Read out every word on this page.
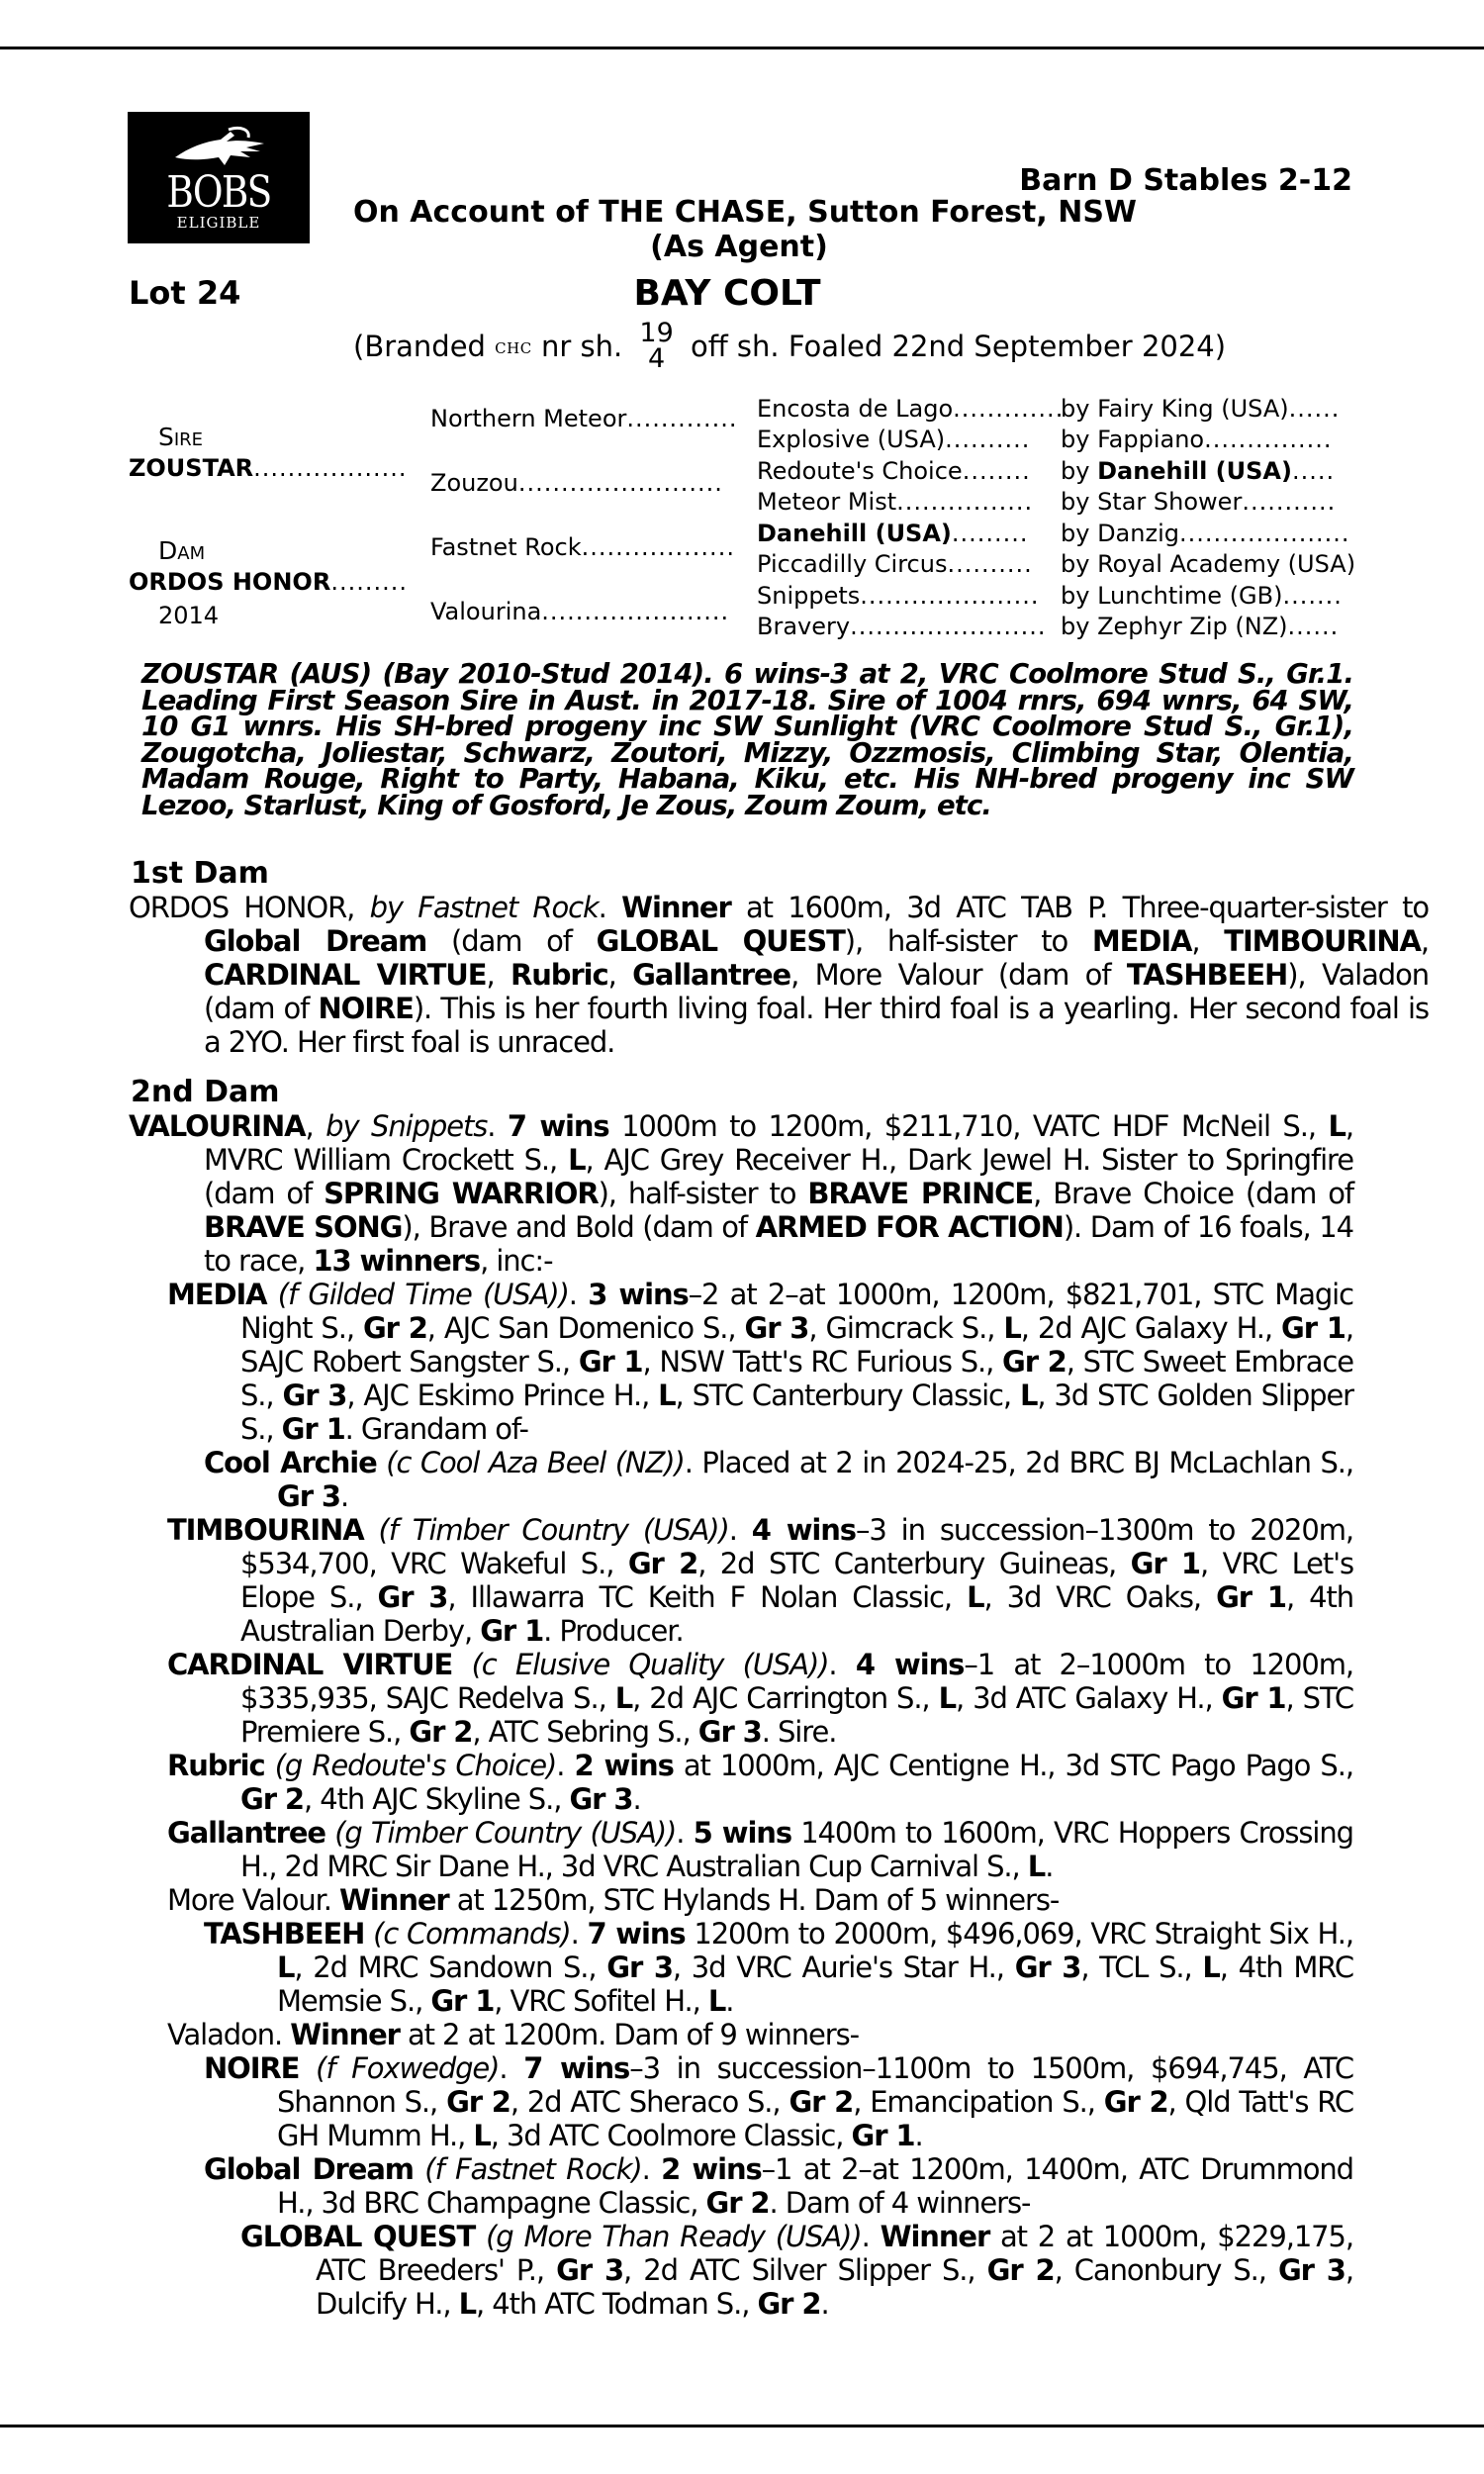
BOBS
ELIGIBLE
Barn D Stables 2-12
On Account of THE CHASE, Sutton Forest, NSW
(As Agent)
Lot 24	BAY COLT
(Branded CHC nr sh. 19
4 off sh. Foaled 22nd September 2024)
Sire
ZOUSTAR..................
Dam
ORDOS HONOR.........
2014
Northern Meteor.............
Zouzou........................
Fastnet Rock..................
Valourina......................
Encosta de Lago.............
Explosive (USA)..........
Redoute's Choice........
Meteor Mist................
Danehill (USA).........
Piccadilly Circus..........
Snippets.....................
Bravery.......................
by Fairy King (USA)......
by Fappiano...............
by Danehill (USA).....
by Star Shower...........
by Danzig....................
by Royal Academy (USA)
by Lunchtime (GB).......
by Zephyr Zip (NZ)......
ZOUSTAR (AUS) (Bay 2010-Stud 2014). 6 wins-3 at 2, VRC Coolmore Stud S., Gr.1. Leading First Season Sire in Aust. in 2017-18. Sire of 1004 rnrs, 694 wnrs, 64 SW, 10 G1 wnrs. His SH-bred progeny inc SW Sunlight (VRC Coolmore Stud S., Gr.1), Zougotcha, Joliestar, Schwarz, Zoutori, Mizzy, Ozzmosis, Climbing Star, Olentia, Madam Rouge, Right to Party, Habana, Kiku, etc. His NH-bred progeny inc SW Lezoo, Starlust, King of Gosford, Je Zous, Zoum Zoum, etc.
1st Dam
ORDOS HONOR, by Fastnet Rock. Winner at 1600m, 3d ATC TAB P. Three-quarter-sister to Global Dream (dam of GLOBAL QUEST), half-sister to MEDIA, TIMBOURINA, CARDINAL VIRTUE, Rubric, Gallantree, More Valour (dam of TASHBEEH), Valadon (dam of NOIRE). This is her fourth living foal. Her third foal is a yearling. Her second foal is a 2YO. Her first foal is unraced.
2nd Dam
VALOURINA, by Snippets. 7 wins 1000m to 1200m, $211,710, VATC HDF McNeil S., L, MVRC William Crockett S., L, AJC Grey Receiver H., Dark Jewel H. Sister to Springfire (dam of SPRING WARRIOR), half-sister to BRAVE PRINCE, Brave Choice (dam of BRAVE SONG), Brave and Bold (dam of ARMED FOR ACTION). Dam of 16 foals, 14 to race, 13 winners, inc:-
MEDIA (f Gilded Time (USA)). 3 wins–2 at 2–at 1000m, 1200m, $821,701, STC Magic Night S., Gr 2, AJC San Domenico S., Gr 3, Gimcrack S., L, 2d AJC Galaxy H., Gr 1, SAJC Robert Sangster S., Gr 1, NSW Tatt's RC Furious S., Gr 2, STC Sweet Embrace S., Gr 3, AJC Eskimo Prince H., L, STC Canterbury Classic, L, 3d STC Golden Slipper S., Gr 1. Grandam of-
Cool Archie (c Cool Aza Beel (NZ)). Placed at 2 in 2024-25, 2d BRC BJ McLachlan S., Gr 3.
TIMBOURINA (f Timber Country (USA)). 4 wins–3 in succession–1300m to 2020m, $534,700, VRC Wakeful S., Gr 2, 2d STC Canterbury Guineas, Gr 1, VRC Let's Elope S., Gr 3, Illawarra TC Keith F Nolan Classic, L, 3d VRC Oaks, Gr 1, 4th Australian Derby, Gr 1. Producer.
CARDINAL VIRTUE (c Elusive Quality (USA)). 4 wins–1 at 2–1000m to 1200m, $335,935, SAJC Redelva S., L, 2d AJC Carrington S., L, 3d ATC Galaxy H., Gr 1, STC Premiere S., Gr 2, ATC Sebring S., Gr 3. Sire.
Rubric (g Redoute's Choice). 2 wins at 1000m, AJC Centigne H., 3d STC Pago Pago S., Gr 2, 4th AJC Skyline S., Gr 3.
Gallantree (g Timber Country (USA)). 5 wins 1400m to 1600m, VRC Hoppers Crossing H., 2d MRC Sir Dane H., 3d VRC Australian Cup Carnival S., L.
More Valour. Winner at 1250m, STC Hylands H. Dam of 5 winners-
TASHBEEH (c Commands). 7 wins 1200m to 2000m, $496,069, VRC Straight Six H., L, 2d MRC Sandown S., Gr 3, 3d VRC Aurie's Star H., Gr 3, TCL S., L, 4th MRC Memsie S., Gr 1, VRC Sofitel H., L.
Valadon. Winner at 2 at 1200m. Dam of 9 winners-
NOIRE (f Foxwedge). 7 wins–3 in succession–1100m to 1500m, $694,745, ATC Shannon S., Gr 2, 2d ATC Sheraco S., Gr 2, Emancipation S., Gr 2, Qld Tatt's RC GH Mumm H., L, 3d ATC Coolmore Classic, Gr 1.
Global Dream (f Fastnet Rock). 2 wins–1 at 2–at 1200m, 1400m, ATC Drummond H., 3d BRC Champagne Classic, Gr 2. Dam of 4 winners-
GLOBAL QUEST (g More Than Ready (USA)). Winner at 2 at 1000m, $229,175, ATC Breeders' P., Gr 3, 2d ATC Silver Slipper S., Gr 2, Canonbury S., Gr 3, Dulcify H., L, 4th ATC Todman S., Gr 2.
